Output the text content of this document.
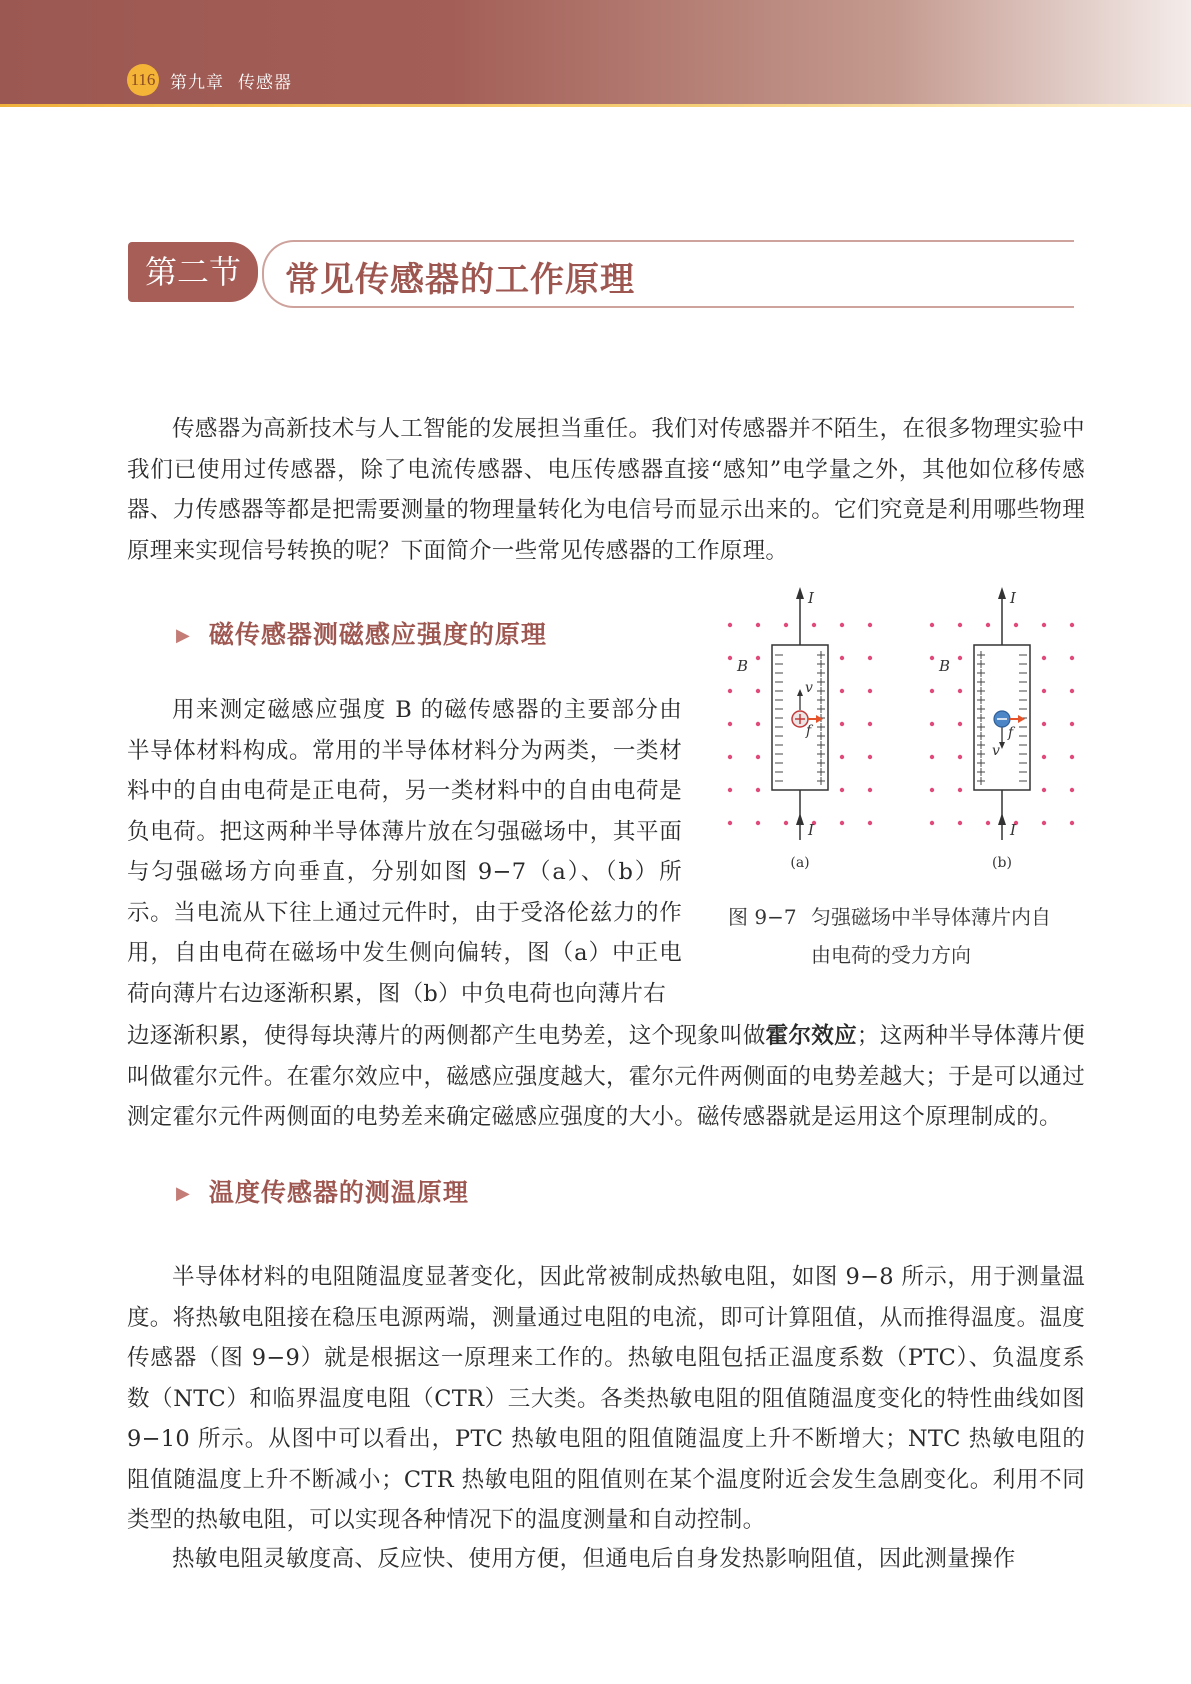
116 第九章 传感器
第二节	常见传感器的工作原理
传感器为高新技术与人工智能的发展担当重任。我们对传感器并不陌生，在很多物理实验中我们已使用过传感器，除了电流传感器、电压传感器直接“感知”电学量之外，其他如位移传感器、力传感器等都是把需要测量的物理量转化为电信号而显示出来的。它们究竟是利用哪些物理原理来实现信号转换的呢？下面简介一些常见传感器的工作原理。
▶ 磁传感器测磁感应强度的原理
用来测定磁感应强度 B 的磁传感器的主要部分由半导体材料构成。常用的半导体材料分为两类，一类材料中的自由电荷是正电荷，另一类材料中的自由电荷是负电荷。把这两种半导体薄片放在匀强磁场中，其平面与匀强磁场方向垂直，分别如图 9−7（a）、（b）所示。当电流从下往上通过元件时，由于受洛伦兹力的作用，自由电荷在磁场中发生侧向偏转，图（a）中正电荷向薄片右边逐渐积累，图（b）中负电荷也向薄片右
边逐渐积累，使得每块薄片的两侧都产生电势差，这个现象叫做霍尔效应；这两种半导体薄片便叫做霍尔元件。在霍尔效应中，磁感应强度越大，霍尔元件两侧面的电势差越大；于是可以通过测定霍尔元件两侧面的电势差来确定磁感应强度的大小。磁传感器就是运用这个原理制成的。
v
f
I
I
B
(a)
f
v
I
I
B
(b)
图 9−7 匀强磁场中半导体薄片内自
由电荷的受力方向
▶ 温度传感器的测温原理
半导体材料的电阻随温度显著变化，因此常被制成热敏电阻，如图 9−8 所示，用于测量温度。将热敏电阻接在稳压电源两端，测量通过电阻的电流，即可计算阻值，从而推得温度。温度传感器（图 9−9）就是根据这一原理来工作的。热敏电阻包括正温度系数（PTC）、负温度系数（NTC）和临界温度电阻（CTR）三大类。各类热敏电阻的阻值随温度变化的特性曲线如图 9−10 所示。从图中可以看出，PTC 热敏电阻的阻值随温度上升不断增大；NTC 热敏电阻的阻值随温度上升不断减小；CTR 热敏电阻的阻值则在某个温度附近会发生急剧变化。利用不同类型的热敏电阻，可以实现各种情况下的温度测量和自动控制。
热敏电阻灵敏度高、反应快、使用方便，但通电后自身发热影响阻值，因此测量操作
